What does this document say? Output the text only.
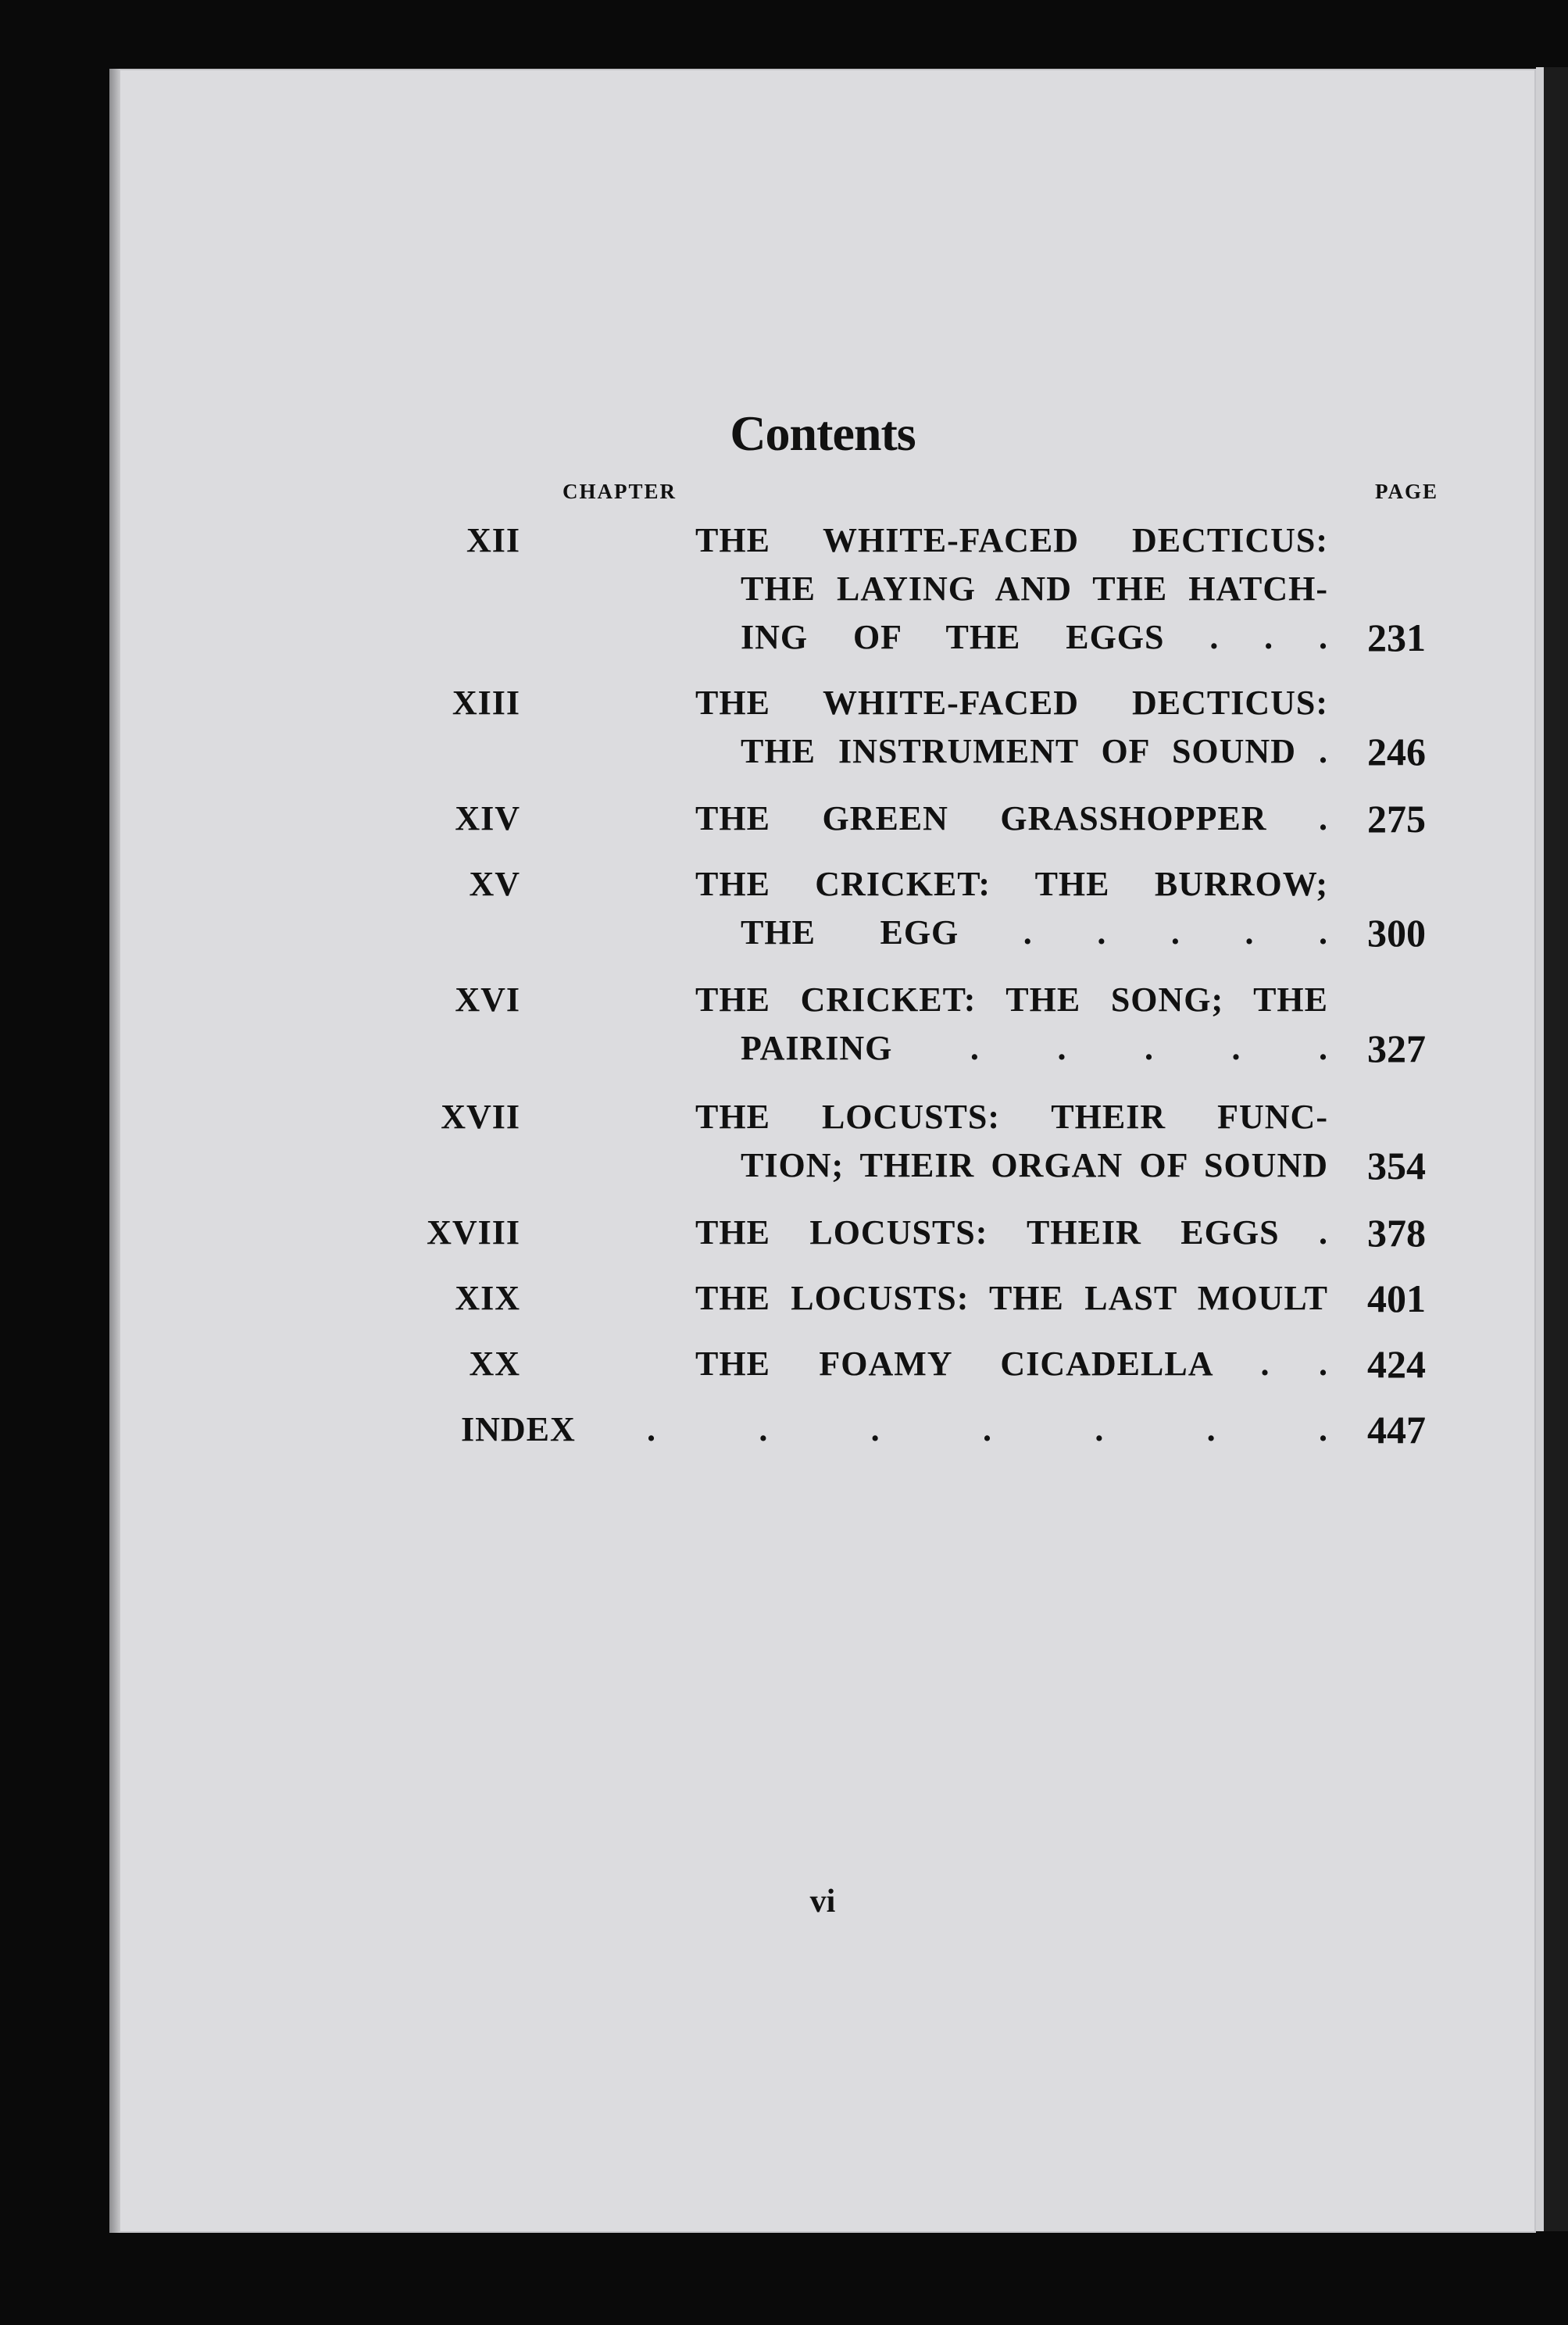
Contents
CHAPTER	PAGE
XII	THE WHITE-FACED DECTICUS:
THE LAYING AND THE HATCH-
ING OF THE EGGS . . . 231
XIII	THE WHITE-FACED DECTICUS:
THE INSTRUMENT OF SOUND . 246
XIV	THE GREEN GRASSHOPPER . 275
XV	THE CRICKET: THE BURROW;
THE EGG . . . . . 300
XVI	THE CRICKET: THE SONG; THE
PAIRING . . . . . 327
XVII	THE LOCUSTS: THEIR FUNC-
TION; THEIR ORGAN OF SOUND 354
XVIII	THE LOCUSTS: THEIR EGGS . 378
XIX	THE LOCUSTS: THE LAST MOULT 401
XX	THE FOAMY CICADELLA . . 424
INDEX . . . . . . . 447
vi
